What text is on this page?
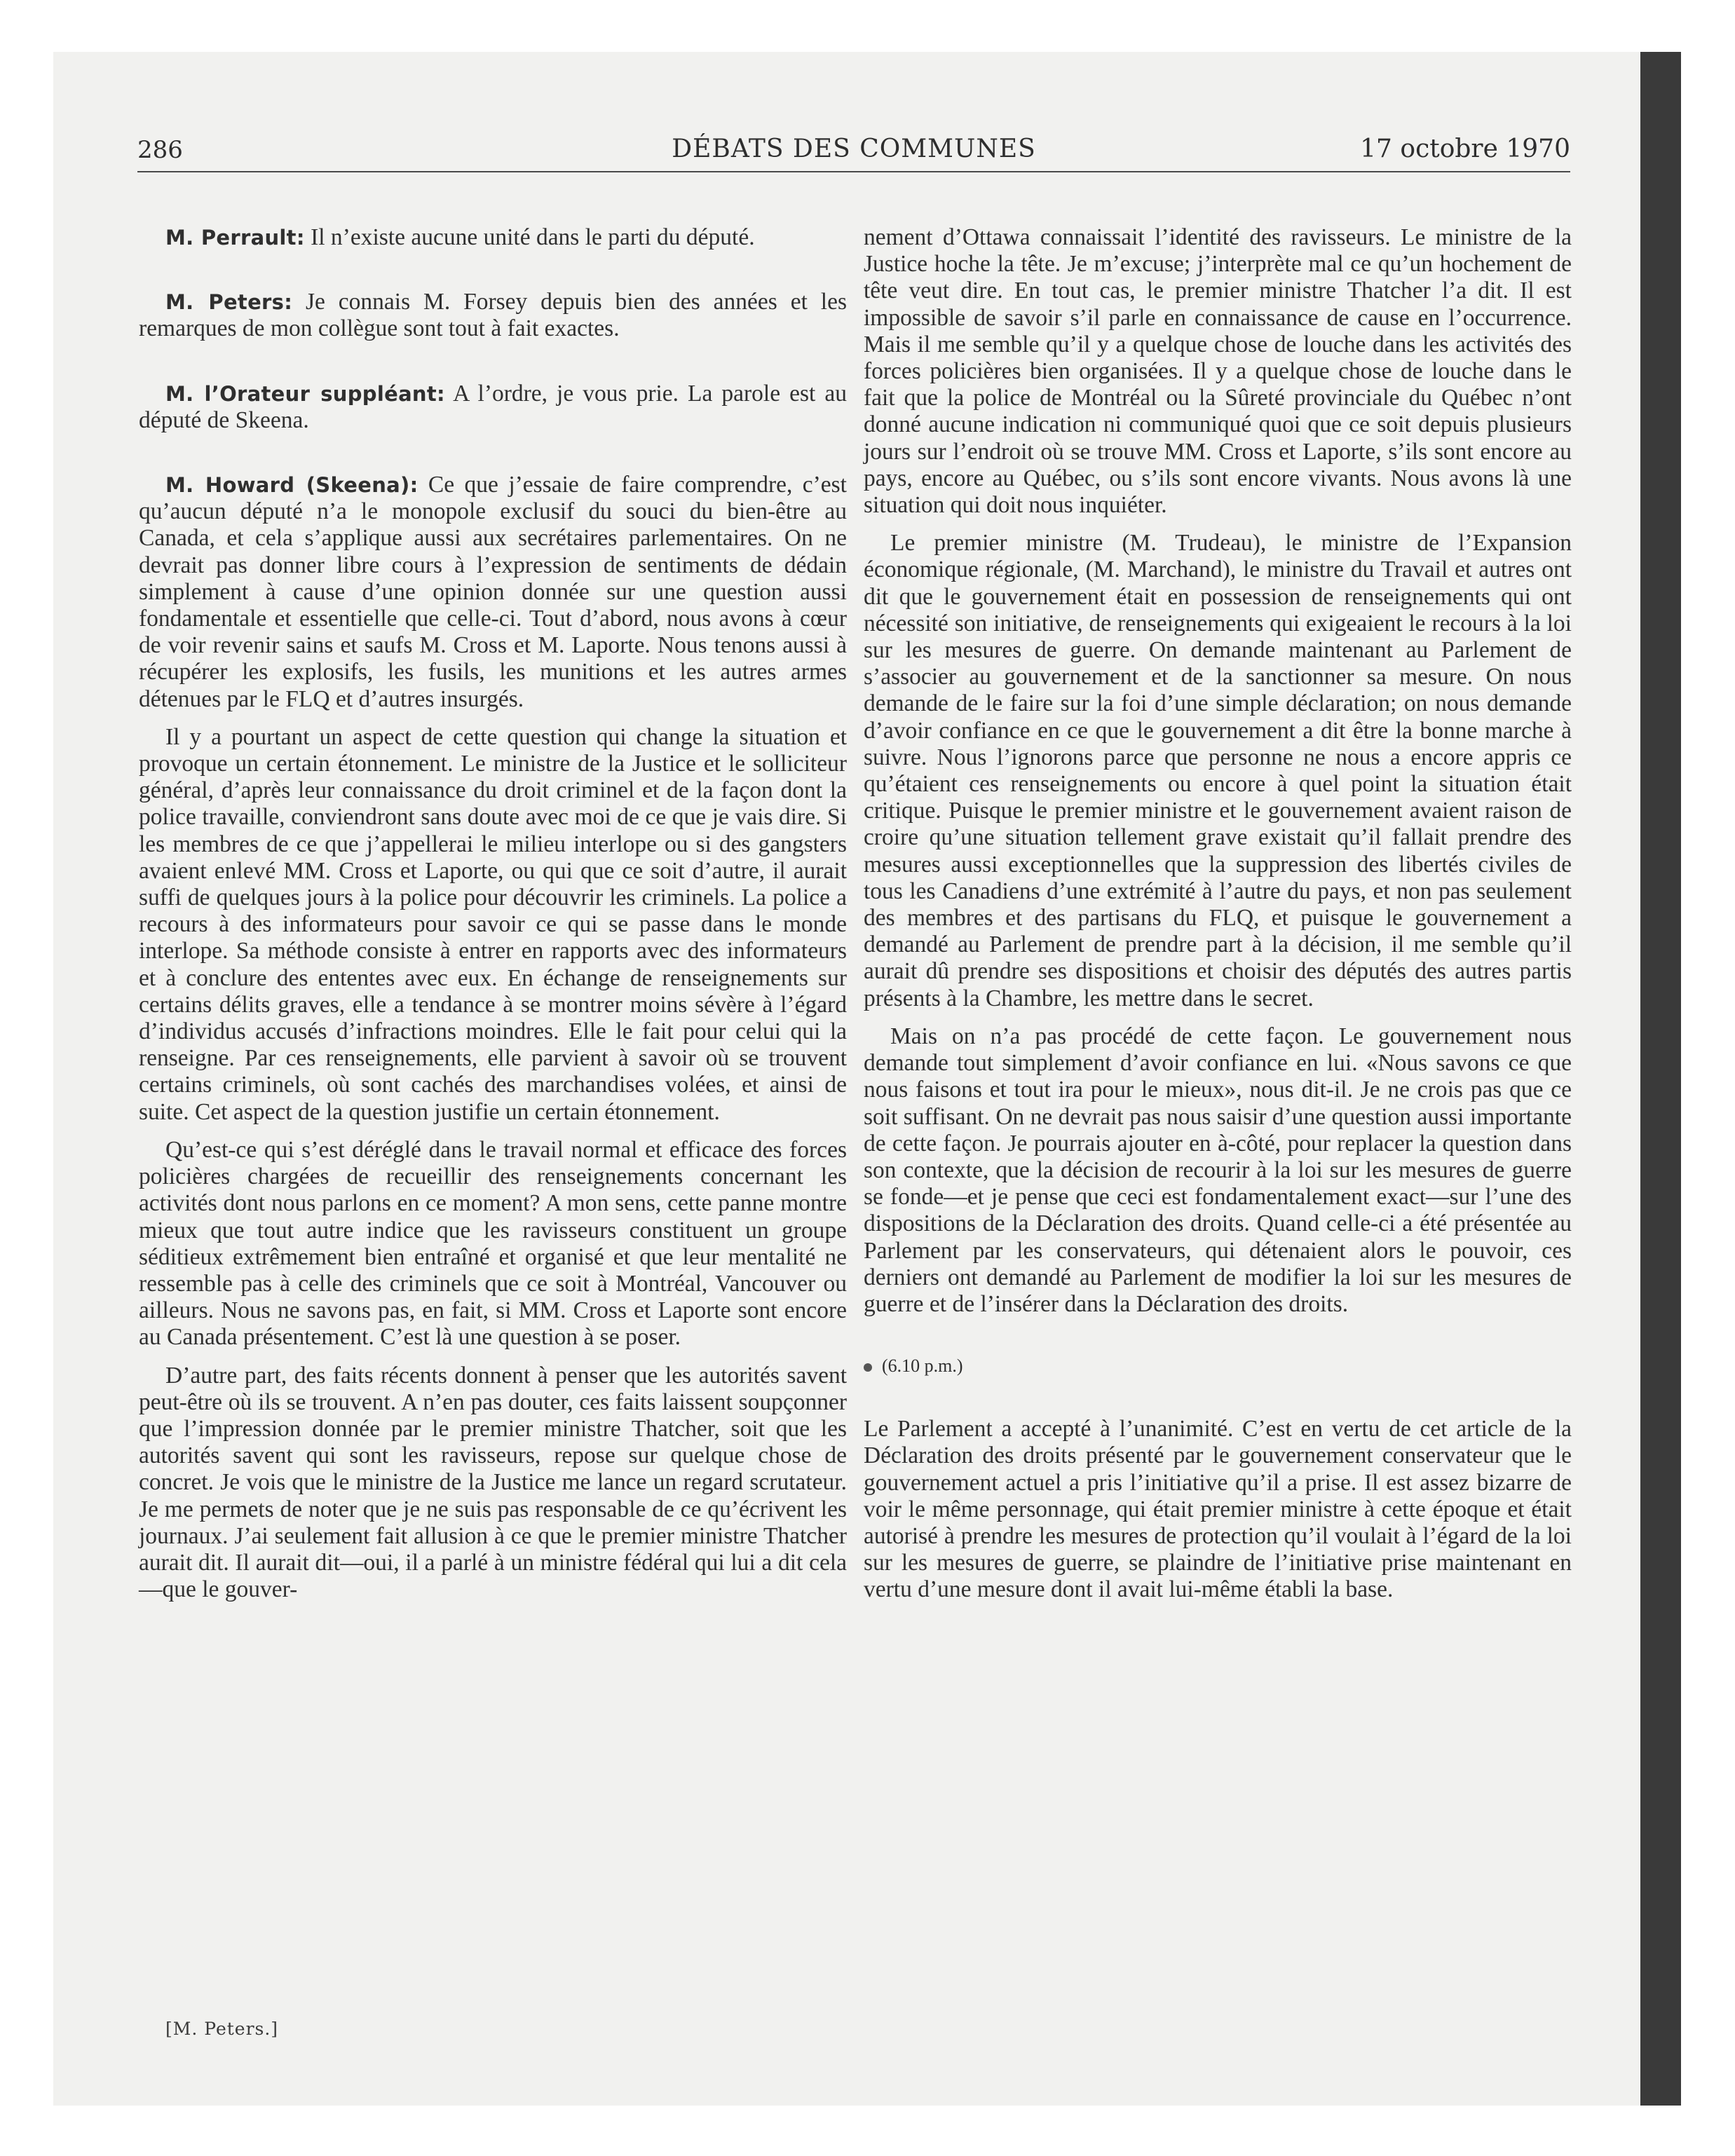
286	DÉBATS DES COMMUNES	17 octobre 1970

M. Perrault: Il n’existe aucune unité dans le parti du député.

M. Peters: Je connais M. Forsey depuis bien des années et les remarques de mon collègue sont tout à fait exactes.

M. l’Orateur suppléant: A l’ordre, je vous prie. La parole est au député de Skeena.

M. Howard (Skeena): Ce que j’essaie de faire comprendre, c’est qu’aucun député n’a le monopole exclusif du souci du bien-être au Canada, et cela s’applique aussi aux secrétaires parlementaires. On ne devrait pas donner libre cours à l’expression de sentiments de dédain simplement à cause d’une opinion donnée sur une question aussi fondamentale et essentielle que celle-ci. Tout d’abord, nous avons à cœur de voir revenir sains et saufs M. Cross et M. Laporte. Nous tenons aussi à récupérer les explosifs, les fusils, les munitions et les autres armes détenues par le FLQ et d’autres insurgés.

Il y a pourtant un aspect de cette question qui change la situation et provoque un certain étonnement. Le ministre de la Justice et le solliciteur général, d’après leur connaissance du droit criminel et de la façon dont la police travaille, conviendront sans doute avec moi de ce que je vais dire. Si les membres de ce que j’appellerai le milieu interlope ou si des gangsters avaient enlevé MM. Cross et Laporte, ou qui que ce soit d’autre, il aurait suffi de quelques jours à la police pour découvrir les criminels. La police a recours à des informateurs pour savoir ce qui se passe dans le monde interlope. Sa méthode consiste à entrer en rapports avec des informateurs et à conclure des ententes avec eux. En échange de renseignements sur certains délits graves, elle a tendance à se montrer moins sévère à l’égard d’individus accusés d’infractions moindres. Elle le fait pour celui qui la renseigne. Par ces renseignements, elle parvient à savoir où se trouvent certains criminels, où sont cachés des marchandises volées, et ainsi de suite. Cet aspect de la question justifie un certain étonnement.

Qu’est-ce qui s’est déréglé dans le travail normal et efficace des forces policières chargées de recueillir des renseignements concernant les activités dont nous parlons en ce moment? A mon sens, cette panne montre mieux que tout autre indice que les ravisseurs constituent un groupe séditieux extrêmement bien entraîné et organisé et que leur mentalité ne ressemble pas à celle des criminels que ce soit à Montréal, Vancouver ou ailleurs. Nous ne savons pas, en fait, si MM. Cross et Laporte sont encore au Canada présentement. C’est là une question à se poser.

D’autre part, des faits récents donnent à penser que les autorités savent peut-être où ils se trouvent. A n’en pas douter, ces faits laissent soupçonner que l’impression donnée par le premier ministre Thatcher, soit que les autorités savent qui sont les ravisseurs, repose sur quelque chose de concret. Je vois que le ministre de la Justice me lance un regard scrutateur. Je me permets de noter que je ne suis pas responsable de ce qu’écrivent les journaux. J’ai seulement fait allusion à ce que le premier ministre Thatcher aurait dit. Il aurait dit—oui, il a parlé à un ministre fédéral qui lui a dit cela—que le gouver-

nement d’Ottawa connaissait l’identité des ravisseurs. Le ministre de la Justice hoche la tête. Je m’excuse; j’interprète mal ce qu’un hochement de tête veut dire. En tout cas, le premier ministre Thatcher l’a dit. Il est impossible de savoir s’il parle en connaissance de cause en l’occurrence. Mais il me semble qu’il y a quelque chose de louche dans les activités des forces policières bien organisées. Il y a quelque chose de louche dans le fait que la police de Montréal ou la Sûreté provinciale du Québec n’ont donné aucune indication ni communiqué quoi que ce soit depuis plusieurs jours sur l’endroit où se trouve MM. Cross et Laporte, s’ils sont encore au pays, encore au Québec, ou s’ils sont encore vivants. Nous avons là une situation qui doit nous inquiéter.

Le premier ministre (M. Trudeau), le ministre de l’Expansion économique régionale, (M. Marchand), le ministre du Travail et autres ont dit que le gouvernement était en possession de renseignements qui ont nécessité son initiative, de renseignements qui exigeaient le recours à la loi sur les mesures de guerre. On demande maintenant au Parlement de s’associer au gouvernement et de la sanctionner sa mesure. On nous demande de le faire sur la foi d’une simple déclaration; on nous demande d’avoir confiance en ce que le gouvernement a dit être la bonne marche à suivre. Nous l’ignorons parce que personne ne nous a encore appris ce qu’étaient ces renseignements ou encore à quel point la situation était critique. Puisque le premier ministre et le gouvernement avaient raison de croire qu’une situation tellement grave existait qu’il fallait prendre des mesures aussi exceptionnelles que la suppression des libertés civiles de tous les Canadiens d’une extrémité à l’autre du pays, et non pas seulement des membres et des partisans du FLQ, et puisque le gouvernement a demandé au Parlement de prendre part à la décision, il me semble qu’il aurait dû prendre ses dispositions et choisir des députés des autres partis présents à la Chambre, les mettre dans le secret.

Mais on n’a pas procédé de cette façon. Le gouvernement nous demande tout simplement d’avoir confiance en lui. «Nous savons ce que nous faisons et tout ira pour le mieux», nous dit-il. Je ne crois pas que ce soit suffisant. On ne devrait pas nous saisir d’une question aussi importante de cette façon. Je pourrais ajouter en à-côté, pour replacer la question dans son contexte, que la décision de recourir à la loi sur les mesures de guerre se fonde—et je pense que ceci est fondamentalement exact—sur l’une des dispositions de la Déclaration des droits. Quand celle-ci a été présentée au Parlement par les conservateurs, qui détenaient alors le pouvoir, ces derniers ont demandé au Parlement de modifier la loi sur les mesures de guerre et de l’insérer dans la Déclaration des droits.

(6.10 p.m.)

Le Parlement a accepté à l’unanimité. C’est en vertu de cet article de la Déclaration des droits présenté par le gouvernement conservateur que le gouvernement actuel a pris l’initiative qu’il a prise. Il est assez bizarre de voir le même personnage, qui était premier ministre à cette époque et était autorisé à prendre les mesures de protection qu’il voulait à l’égard de la loi sur les mesures de guerre, se plaindre de l’initiative prise maintenant en vertu d’une mesure dont il avait lui-même établi la base.

[M. Peters.]
